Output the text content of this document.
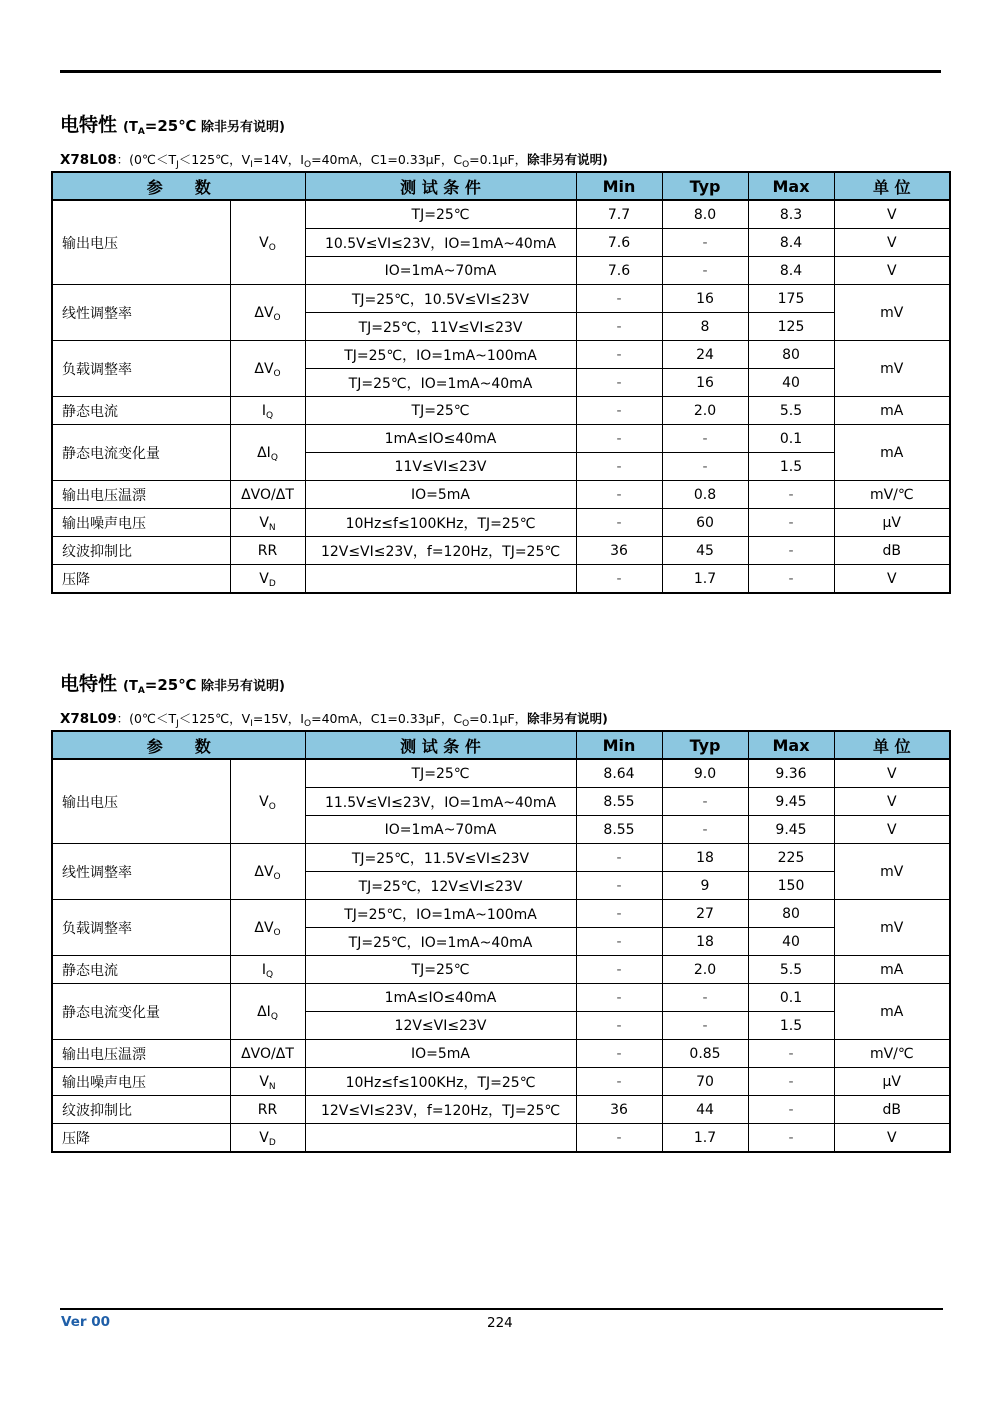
电特性 ($T_A=25℃$ 除非另有说明)
X78L08：($0℃<T_J<125℃$，$V_I=14V$，$I_O=40mA$，C1=0.33μF，$C_O=0.1\mu F$，除非另有说明)
参　　数		测 试 条 件	Min	Typ	Max	单 位
输出电压	$V_O$	TJ=25℃	7.7	8.0	8.3	V
		10.5V≤VI≤23V，IO=1mA~40mA	7.6	-	8.4	V
		IO=1mA~70mA	7.6	-	8.4	V
线性调整率	$\Delta V_O$	TJ=25℃，10.5V≤VI≤23V	-	16	175	mV
		TJ=25℃，11V≤VI≤23V	-	8	125	
负载调整率	$\Delta V_O$	TJ=25℃，IO=1mA~100mA	-	24	80	mV
		TJ=25℃，IO=1mA~40mA	-	16	40	
静态电流	$I_Q$	TJ=25℃	-	2.0	5.5	mA
静态电流变化量	$\Delta I_Q$	1mA≤IO≤40mA	-	-	0.1	mA
		11V≤VI≤23V	-	-	1.5	
输出电压温漂	ΔVO/ΔT	IO=5mA	-	0.8	-	mV/℃
输出噪声电压	$V_N$	10Hz≤f≤100KHz，TJ=25℃	-	60	-	μV
纹波抑制比	RR	12V≤VI≤23V，f=120Hz，TJ=25℃	36	45	-	dB
压降	$V_D$		-	1.7	-	V
电特性 ($T_A=25℃$ 除非另有说明)
X78L09：($0℃<T_J<125℃$，$V_I=15V$，$I_O=40mA$，C1=0.33μF，$C_O=0.1\mu F$，除非另有说明)
参　　数		测 试 条 件	Min	Typ	Max	单 位
输出电压	$V_O$	TJ=25℃	8.64	9.0	9.36	V
		11.5V≤VI≤23V，IO=1mA~40mA	8.55	-	9.45	V
		IO=1mA~70mA	8.55	-	9.45	V
线性调整率	$\Delta V_O$	TJ=25℃，11.5V≤VI≤23V	-	18	225	mV
		TJ=25℃，12V≤VI≤23V	-	9	150	
负载调整率	$\Delta V_O$	TJ=25℃，IO=1mA~100mA	-	27	80	mV
		TJ=25℃，IO=1mA~40mA	-	18	40	
静态电流	$I_Q$	TJ=25℃	-	2.0	5.5	mA
静态电流变化量	$\Delta I_Q$	1mA≤IO≤40mA	-	-	0.1	mA
		12V≤VI≤23V	-	-	1.5	
输出电压温漂	ΔVO/ΔT	IO=5mA	-	0.85	-	mV/℃
输出噪声电压	$V_N$	10Hz≤f≤100KHz，TJ=25℃	-	70	-	μV
纹波抑制比	RR	12V≤VI≤23V，f=120Hz，TJ=25℃	36	44	-	dB
压降	$V_D$		-	1.7	-	V
Ver 00	224
